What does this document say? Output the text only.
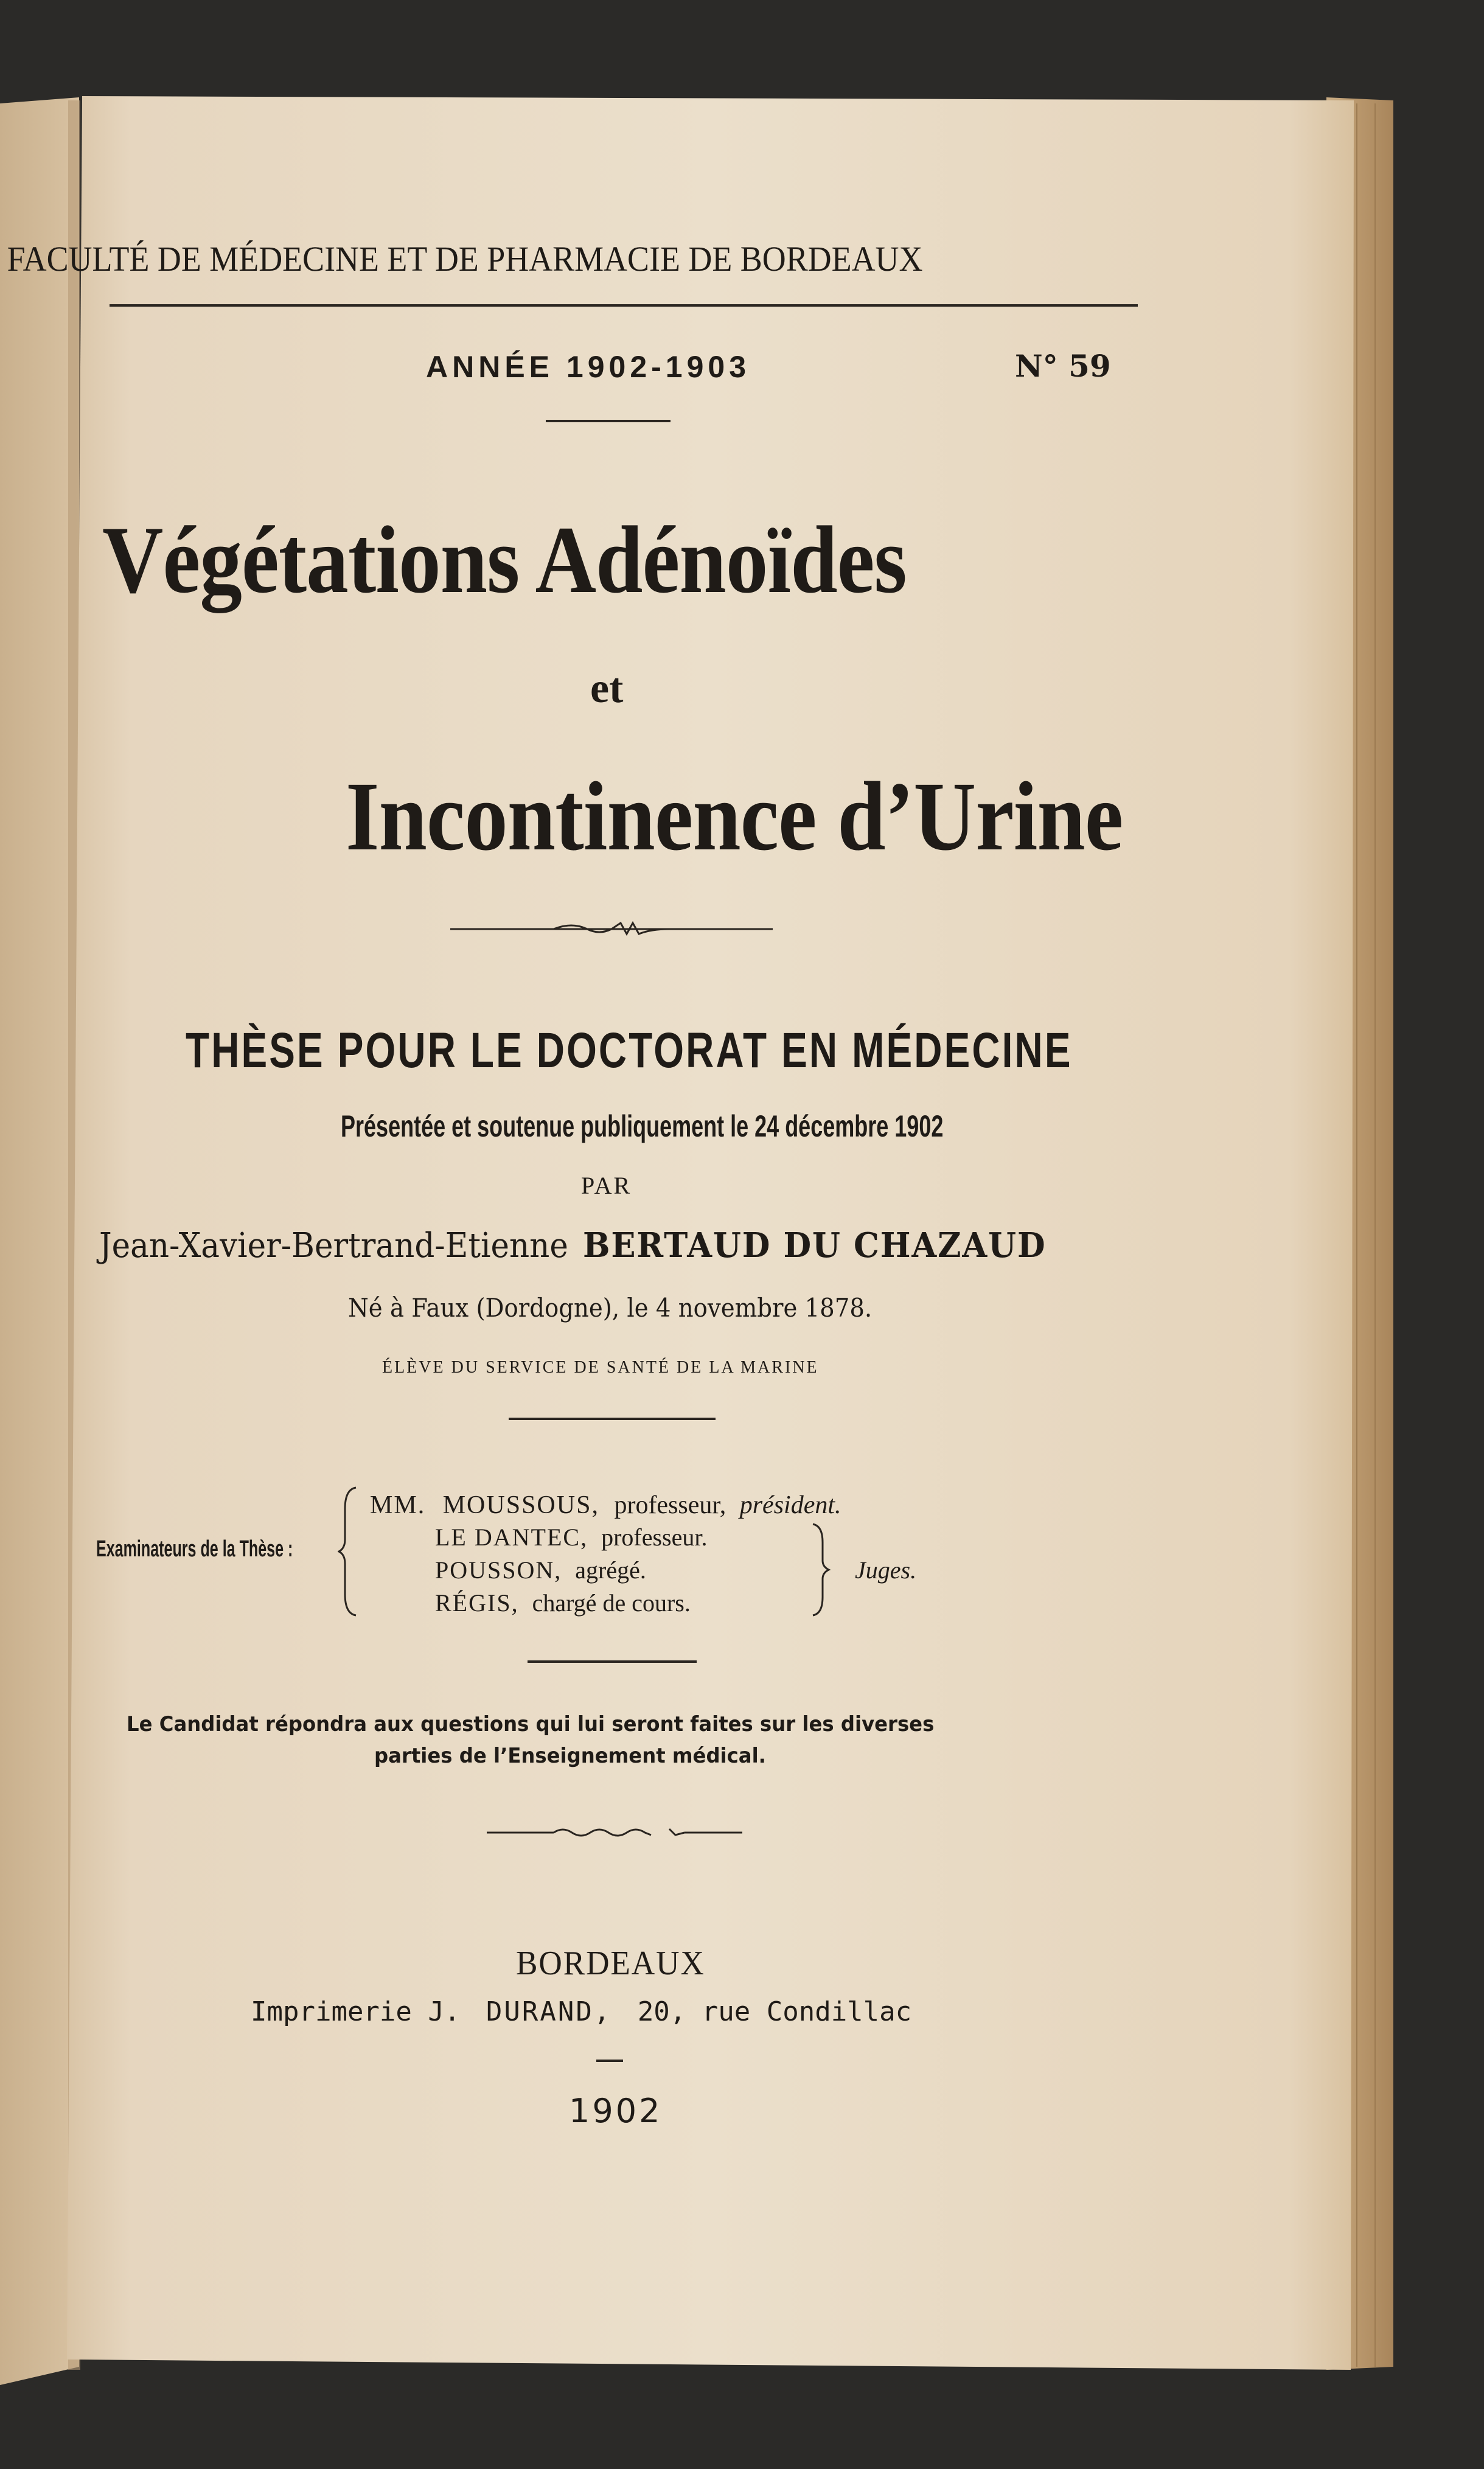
FACULTÉ DE MÉDECINE ET DE PHARMACIE DE BORDEAUX
ANNÉE 1902-1903	N° 59
Végétations Adénoïdes
et
Incontinence d’Urine
THÈSE POUR LE DOCTORAT EN MÉDECINE
Présentée et soutenue publiquement le 24 décembre 1902
PAR
Jean-Xavier-Bertrand-Etienne BERTAUD DU CHAZAUD
Né à Faux (Dordogne), le 4 novembre 1878.
ÉLÈVE DU SERVICE DE SANTÉ DE LA MARINE
Examinateurs de la Thèse :
MM. MOUSSOUS, professeur, président.
LE DANTEC, professeur.
POUSSON, agrégé.
RÉGIS, chargé de cours.
Juges.
Le Candidat répondra aux questions qui lui seront faites sur les diverses
parties de l’Enseignement médical.
BORDEAUX
Imprimerie J. DURAND, 20, rue Condillac
1902
